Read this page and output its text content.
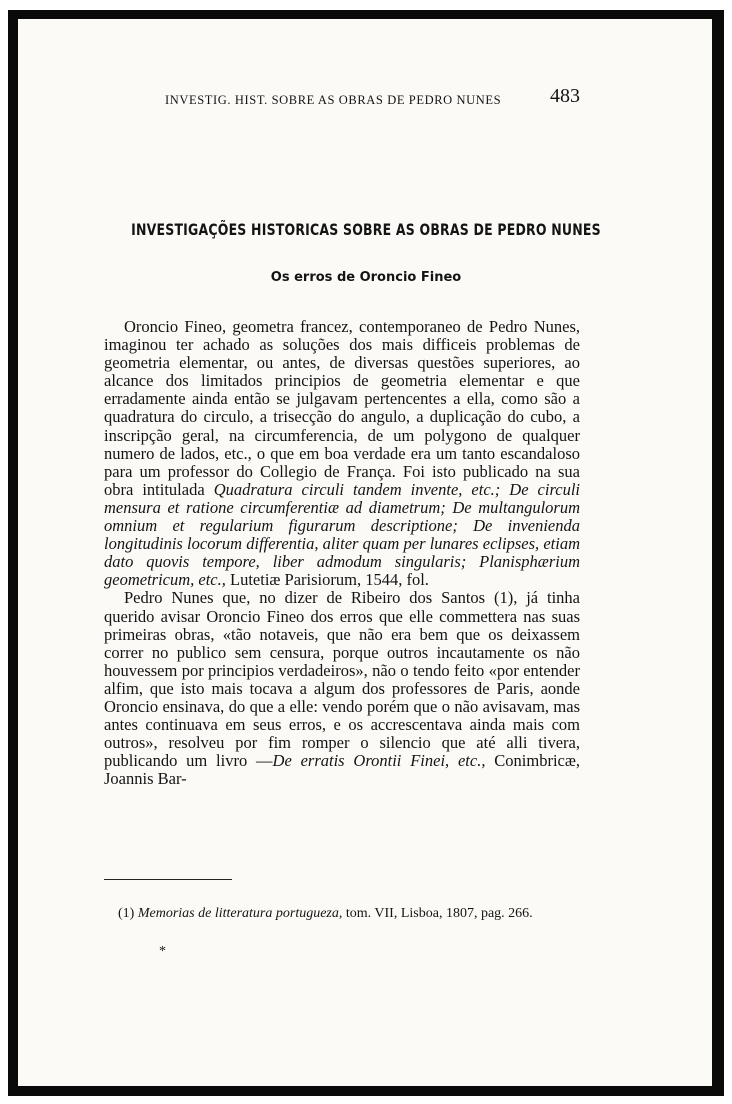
INVESTIG. HIST. SOBRE AS OBRAS DE PEDRO NUNES 483
INVESTIGAÇÕES HISTORICAS SOBRE AS OBRAS DE PEDRO NUNES
Os erros de Oroncio Fineo

Oroncio Fineo, geometra francez, contemporaneo de Pedro Nunes, imaginou ter achado as soluções dos mais difficeis problemas de geometria elementar, ou antes, de diversas questões superiores, ao alcance dos limitados principios de geometria elementar e que erradamente ainda então se julgavam pertencentes a ella, como são a quadratura do circulo, a trisecção do angulo, a duplicação do cubo, a inscripção geral, na circumferencia, de um polygono de qualquer numero de lados, etc., o que em boa verdade era um tanto escandaloso para um professor do Collegio de França. Foi isto publicado na sua obra intitulada Quadratura circuli tandem invente, etc.; De circuli mensura et ratione circumferentiæ ad diametrum; De multangulorum omnium et regularium figurarum descriptione; De invenienda longitudinis locorum differentia, aliter quam per lunares eclipses, etiam dato quovis tempore, liber admodum singularis; Planisphærium geometricum, etc., Lutetiæ Parisiorum, 1544, fol.

Pedro Nunes que, no dizer de Ribeiro dos Santos (1), já tinha querido avisar Oroncio Fineo dos erros que elle commettera nas suas primeiras obras, «tão notaveis, que não era bem que os deixassem correr no publico sem censura, porque outros incautamente os não houvessem por principios verdadeiros», não o tendo feito «por entender alfim, que isto mais tocava a algum dos professores de Paris, aonde Oroncio ensinava, do que a elle: vendo porém que o não avisavam, mas antes continuava em seus erros, e os accrescentava ainda mais com outros», resolveu por fim romper o silencio que até alli tivera, publicando um livro —De erratis Orontii Finei, etc., Conimbricæ, Joannis Bar-

(1) Memorias de litteratura portugueza, tom. VII, Lisboa, 1807, pag. 266.

*
